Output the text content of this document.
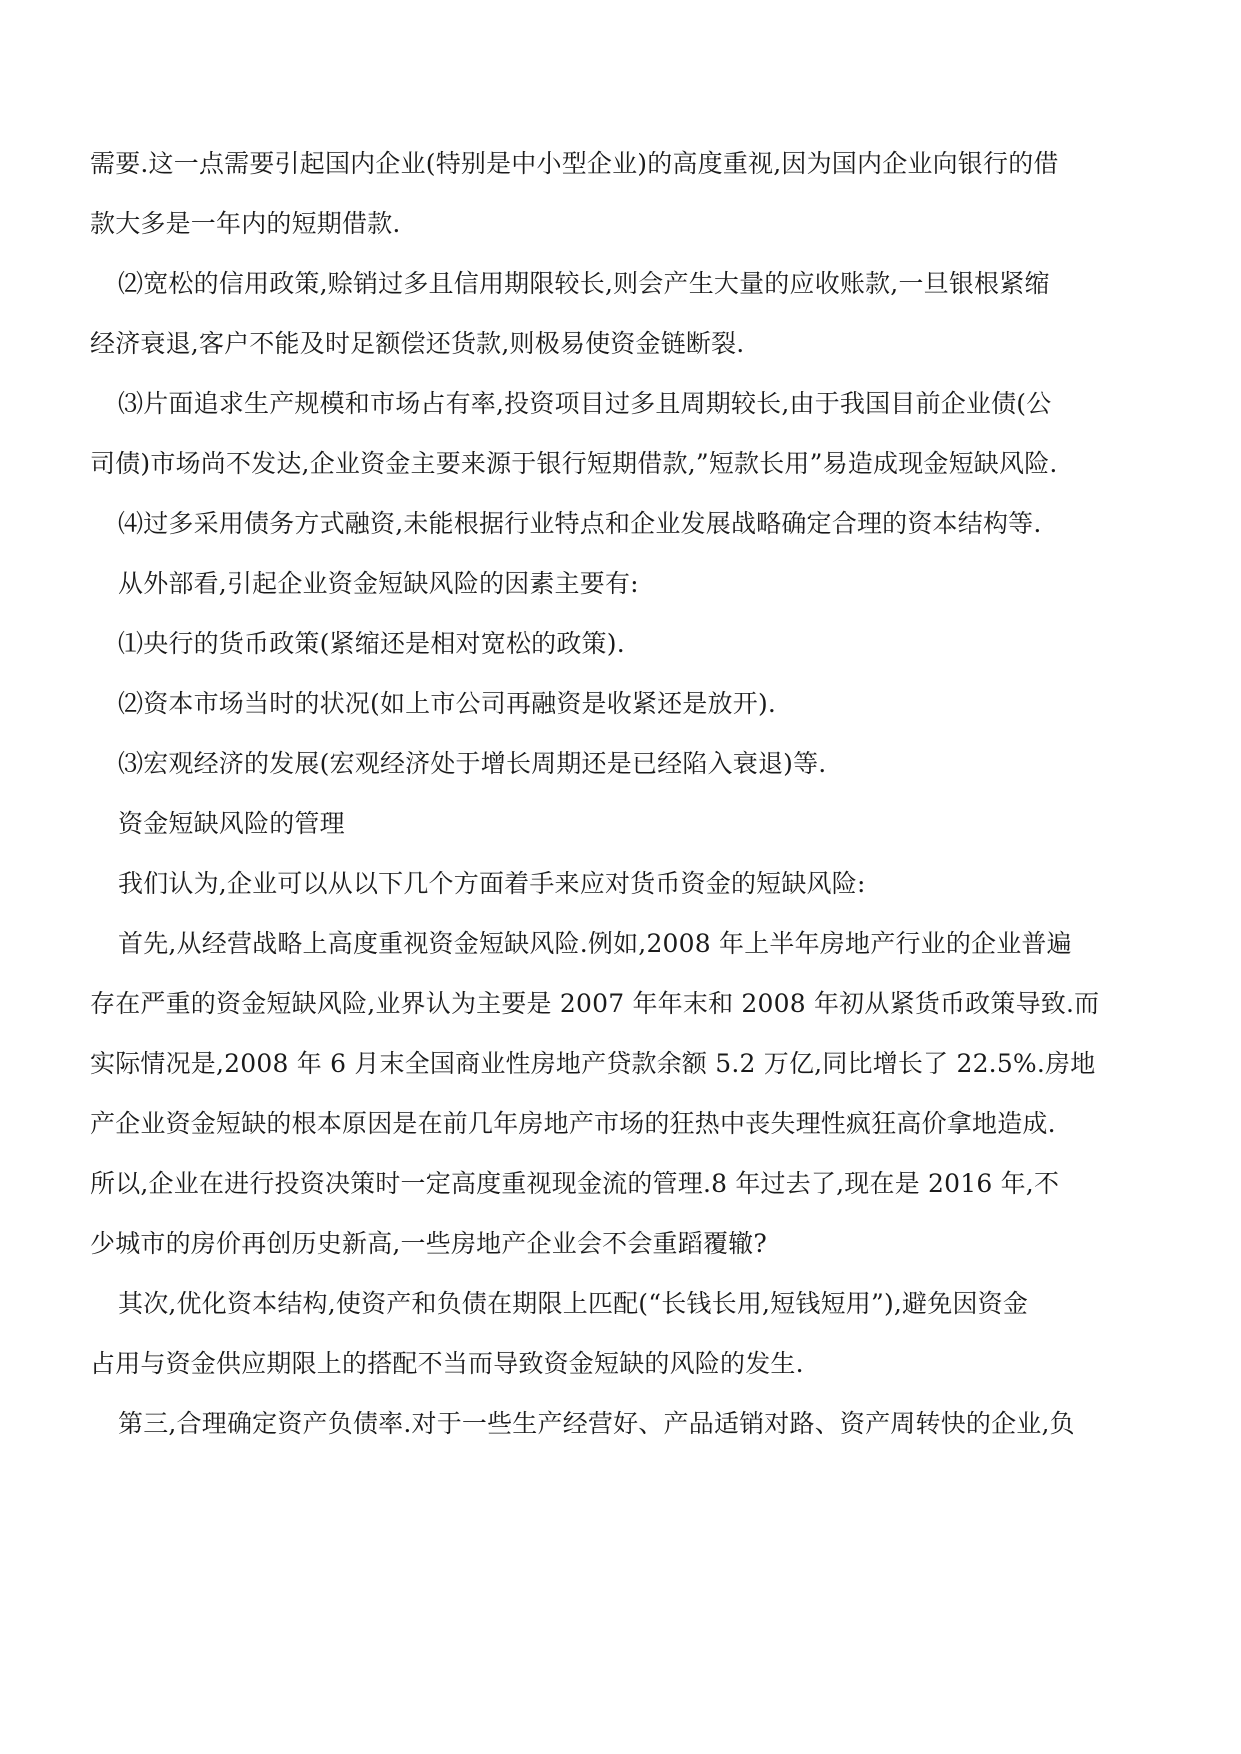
需要.这一点需要引起国内企业(特别是中小型企业)的高度重视,因为国内企业向银行的借
款大多是一年内的短期借款.
⑵宽松的信用政策,赊销过多且信用期限较长,则会产生大量的应收账款,一旦银根紧缩
经济衰退,客户不能及时足额偿还货款,则极易使资金链断裂.
⑶片面追求生产规模和市场占有率,投资项目过多且周期较长,由于我国目前企业债(公
司债)市场尚不发达,企业资金主要来源于银行短期借款,”短款长用”易造成现金短缺风险.
⑷过多采用债务方式融资,未能根据行业特点和企业发展战略确定合理的资本结构等.
从外部看,引起企业资金短缺风险的因素主要有:
⑴央行的货币政策(紧缩还是相对宽松的政策).
⑵资本市场当时的状况(如上市公司再融资是收紧还是放开).
⑶宏观经济的发展(宏观经济处于增长周期还是已经陷入衰退)等.
资金短缺风险的管理
我们认为,企业可以从以下几个方面着手来应对货币资金的短缺风险:
首先,从经营战略上高度重视资金短缺风险.例如,2008 年上半年房地产行业的企业普遍
存在严重的资金短缺风险,业界认为主要是 2007 年年末和 2008 年初从紧货币政策导致.而
实际情况是,2008 年 6 月末全国商业性房地产贷款余额 5.2 万亿,同比增长了 22.5%.房地
产企业资金短缺的根本原因是在前几年房地产市场的狂热中丧失理性疯狂高价拿地造成.
所以,企业在进行投资决策时一定高度重视现金流的管理.8 年过去了,现在是 2016 年,不
少城市的房价再创历史新高,一些房地产企业会不会重蹈覆辙?
其次,优化资本结构,使资产和负债在期限上匹配(“长钱长用,短钱短用”),避免因资金
占用与资金供应期限上的搭配不当而导致资金短缺的风险的发生.
第三,合理确定资产负债率.对于一些生产经营好、产品适销对路、资产周转快的企业,负
